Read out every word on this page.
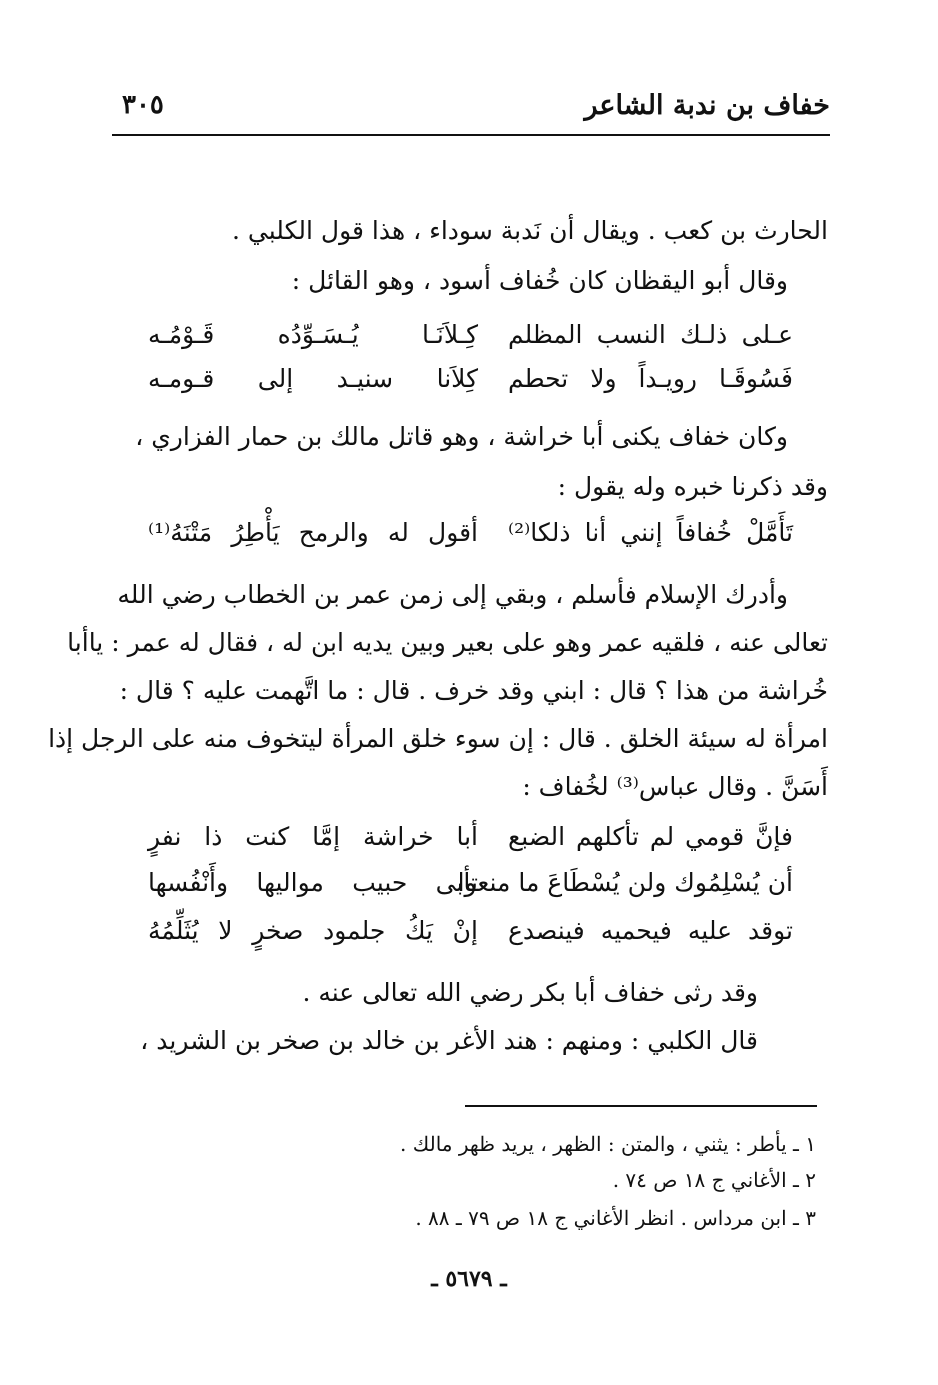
خفاف بن ندبة الشاعر
٣٠٥
الحارث بن كعب . ويقال أن نَدبة سوداء ، هذا قول الكلبي .
وقال أبو اليقظان كان خُفاف أسود ، وهو القائل :
كِـلاَنَـا يُـسَـوِّدُه قَـوْمُـه عـلى ذلـك النسب المظلم
كِلاَنا سنيـد إلى قـومـه فَسُوقَـا رويـداً ولا تحطم
وكان خفاف يكنى أبا خراشة ، وهو قاتل مالك بن حمار الفزاري ،
وقد ذكرنا خبره وله يقول :
أقول له والرمح يَأْطِرُ مَتْنَهُ⁽¹⁾ تَأَمَّلْ خُفافاً إنني أنا ذلكا⁽²⁾
وأدرك الإسلام فأسلم ، وبقي إلى زمن عمر بن الخطاب رضي الله
تعالى عنه ، فلقيه عمر وهو على بعير وبين يديه ابن له ، فقال له عمر : ياأبا
خُراشة من هذا ؟ قال : ابني وقد خرف . قال : ما اتَّهمت عليه ؟ قال :
امرأة له سيئة الخلق . قال : إن سوء خلق المرأة ليتخوف منه على الرجل إذا
أَسَنَّ . وقال عباس⁽³⁾ لخُفاف :
أبا خراشة إمَّا كنت ذا نفرٍ فإنَّ قومي لم تأكلهم الضبع
تأبى حبيب مواليها وأَنْفُسها
أن يُسْلِمُوك ولن يُسْطَاعَ ما منعوا
إنْ يَكُ جلمود صخرٍ لا يُثَلِّمُهُ توقد عليه فيحميه فينصدع
وقد رثى خفاف أبا بكر رضي الله تعالى عنه .
قال الكلبي : ومنهم : هند الأغر بن خالد بن صخر بن الشريد ،
١ ـ يأطر : يثني ، والمتن : الظهر ، يريد ظهر مالك .
٢ ـ الأغاني ج ١٨ ص ٧٤ .
٣ ـ ابن مرداس . انظر الأغاني ج ١٨ ص ٧٩ ـ ٨٨ .
ـ ٥٦٧٩ ـ
